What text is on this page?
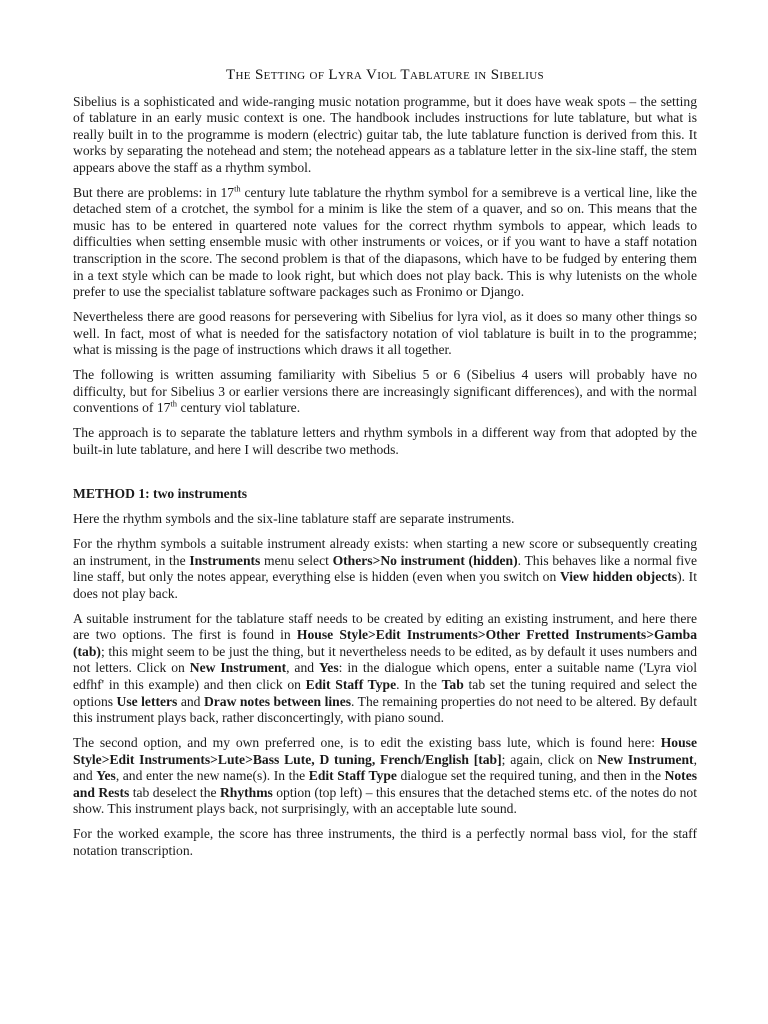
The Setting of Lyra Viol Tablature in Sibelius

Sibelius is a sophisticated and wide-ranging music notation programme, but it does have weak spots – the setting of tablature in an early music context is one. The handbook includes instructions for lute tablature, but what is really built in to the programme is modern (electric) guitar tab, the lute tablature function is derived from this. It works by separating the notehead and stem; the notehead appears as a tablature letter in the six-line staff, the stem appears above the staff as a rhythm symbol.

But there are problems: in 17th century lute tablature the rhythm symbol for a semibreve is a vertical line, like the detached stem of a crotchet, the symbol for a minim is like the stem of a quaver, and so on. This means that the music has to be entered in quartered note values for the correct rhythm symbols to appear, which leads to difficulties when setting ensemble music with other instruments or voices, or if you want to have a staff notation transcription in the score. The second problem is that of the diapasons, which have to be fudged by entering them in a text style which can be made to look right, but which does not play back. This is why lutenists on the whole prefer to use the specialist tablature software packages such as Fronimo or Django.

Nevertheless there are good reasons for persevering with Sibelius for lyra viol, as it does so many other things so well. In fact, most of what is needed for the satisfactory notation of viol tablature is built in to the programme; what is missing is the page of instructions which draws it all together.

The following is written assuming familiarity with Sibelius 5 or 6 (Sibelius 4 users will probably have no difficulty, but for Sibelius 3 or earlier versions there are increasingly significant differences), and with the normal conventions of 17th century viol tablature.

The approach is to separate the tablature letters and rhythm symbols in a different way from that adopted by the built-in lute tablature, and here I will describe two methods.

METHOD 1: two instruments

Here the rhythm symbols and the six-line tablature staff are separate instruments.

For the rhythm symbols a suitable instrument already exists: when starting a new score or subsequently creating an instrument, in the Instruments menu select Others>No instrument (hidden). This behaves like a normal five line staff, but only the notes appear, everything else is hidden (even when you switch on View hidden objects). It does not play back.

A suitable instrument for the tablature staff needs to be created by editing an existing instrument, and here there are two options. The first is found in House Style>Edit Instruments>Other Fretted Instruments>Gamba (tab); this might seem to be just the thing, but it nevertheless needs to be edited, as by default it uses numbers and not letters. Click on New Instrument, and Yes: in the dialogue which opens, enter a suitable name ('Lyra viol edfhf' in this example) and then click on Edit Staff Type. In the Tab tab set the tuning required and select the options Use letters and Draw notes between lines. The remaining properties do not need to be altered. By default this instrument plays back, rather disconcertingly, with piano sound.

The second option, and my own preferred one, is to edit the existing bass lute, which is found here: House Style>Edit Instruments>Lute>Bass Lute, D tuning, French/English [tab]; again, click on New Instrument, and Yes, and enter the new name(s). In the Edit Staff Type dialogue set the required tuning, and then in the Notes and Rests tab deselect the Rhythms option (top left) – this ensures that the detached stems etc. of the notes do not show. This instrument plays back, not surprisingly, with an acceptable lute sound.

For the worked example, the score has three instruments, the third is a perfectly normal bass viol, for the staff notation transcription.
